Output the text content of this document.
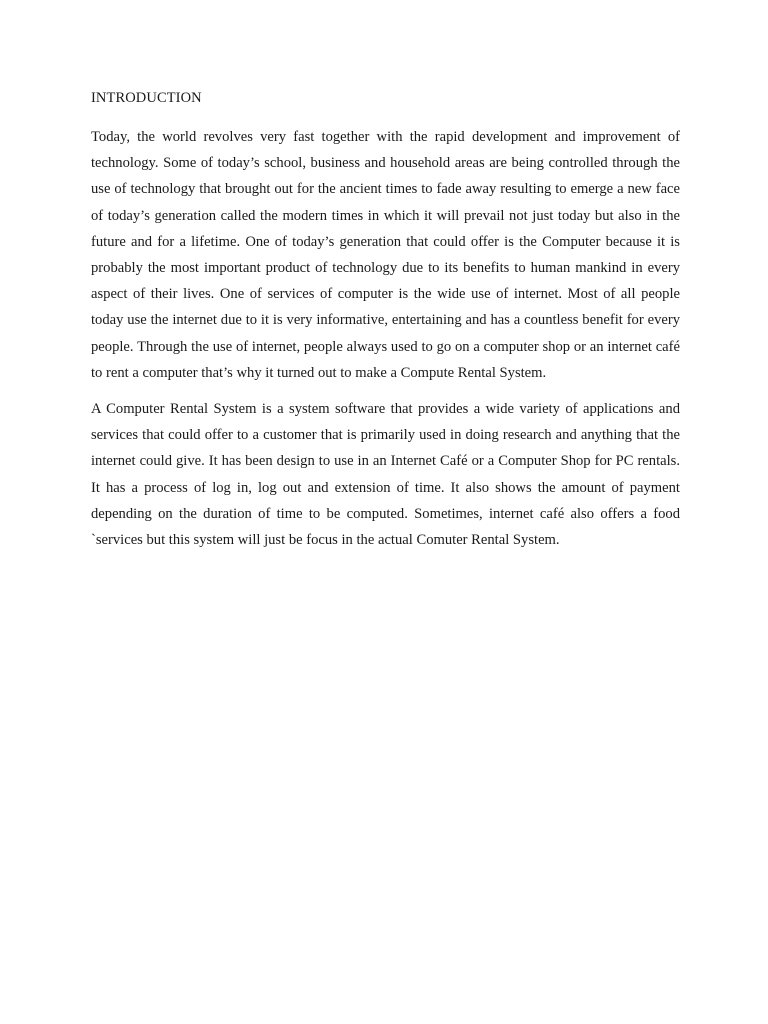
INTRODUCTION

Today, the world revolves very fast together with the rapid development and improvement of technology. Some of today’s school, business and household areas are being controlled through the use of technology that brought out for the ancient times to fade away resulting to emerge a new face of today’s generation called the modern times in which it will prevail not just today but also in the future and for a lifetime. One of today’s generation that could offer is the Computer because it is probably the most important product of technology due to its benefits to human mankind in every aspect of their lives. One of services of computer is the wide use of internet. Most of all people today use the internet due to it is very informative, entertaining and has a countless benefit for every people. Through the use of internet, people always used to go on a computer shop or an internet café to rent a computer that’s why it turned out to make a Compute Rental System.

A Computer Rental System is a system software that provides a wide variety of applications and services that could offer to a customer that is primarily used in doing research and anything that the internet could give. It has been design to use in an Internet Café or a Computer Shop for PC rentals. It has a process of log in, log out and extension of time. It also shows the amount of payment depending on the duration of time to be computed. Sometimes, internet café also offers a food `services but this system will just be focus in the actual Comuter Rental System.
